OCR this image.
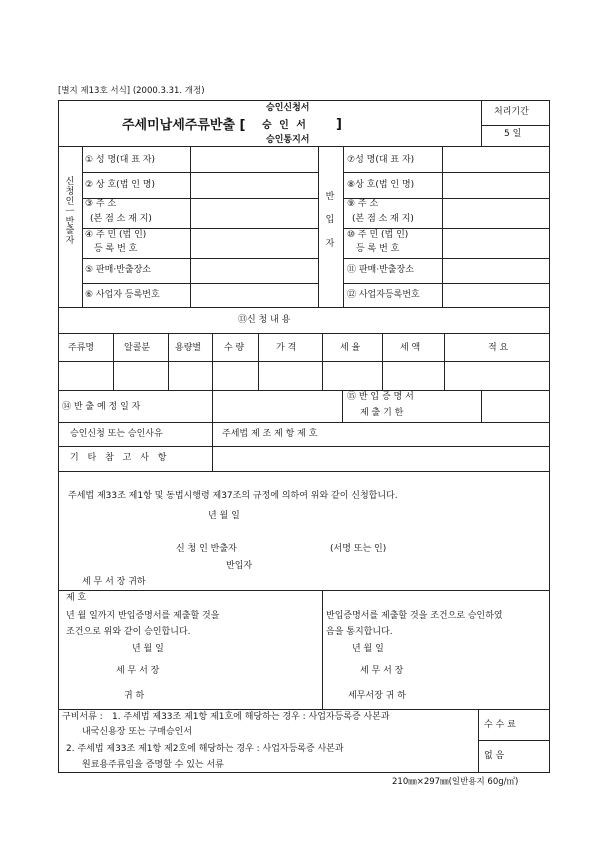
[별지 제13호 서식] (2000.3.31. 개정)
승인신청서
주세미납세주류반출 [ 승 인 서 ]
승인통지서
처리기간
5 일
신청인ㅡ반출자
① 성 명(대 표 자)
② 상 호(법 인 명)
③ 주 소
(본 점 소 재 지)
④ 주 민 (법 인)
등 록 번 호
⑤ 판매·반출장소
⑥ 사업자 등록번호
반입자
⑦성 명(대 표 자)
⑧상 호(법 인 명)
⑨ 주 소
(본 점 소 재 지)
⑩ 주 민 (법 인)
등 록 번 호
⑪ 판매·반출장소
⑫ 사업자등록번호
⑬신 청 내 용
주류명	알콜분	용량별	수 량	가 격	세 율	세 액	적 요
⑭ 반 출 예 정 일 자
⑮ 반 입 증 명 서
제 출 기 한
승인신청 또는 승인사유	주세법 제 조 제 항 제 호
기 타 참 고 사 항
주세법 제33조 제1항 및 동법시행령 제37조의 규정에 의하여 위와 같이 신청합니다.
년 월 일
신 청 인 반출자	(서명 또는 인)
반입자
세 무 서 장 귀하
제 호
년 월 일까지 반입증명서를 제출할 것을
조건으로 위와 같이 승인합니다.
년 월 일
세 무 서 장
귀 하
반입증명서를 제출할 것을 조건으로 승인하였
음을 통지합니다.
년 월 일
세 무 서 장
세무서장 귀 하
구비서류 : 1. 주세법 제33조 제1항 제1호에 해당하는 경우 : 사업자등록증 사본과
내국신용장 또는 구매승인서
2. 주세법 제33조 제1항 제2호에 해당하는 경우 : 사업자등록증 사본과
원료용주류임을 증명할 수 있는 서류
수 수 료
없 음
210㎜×297㎜(일반용지 60g/㎡)
